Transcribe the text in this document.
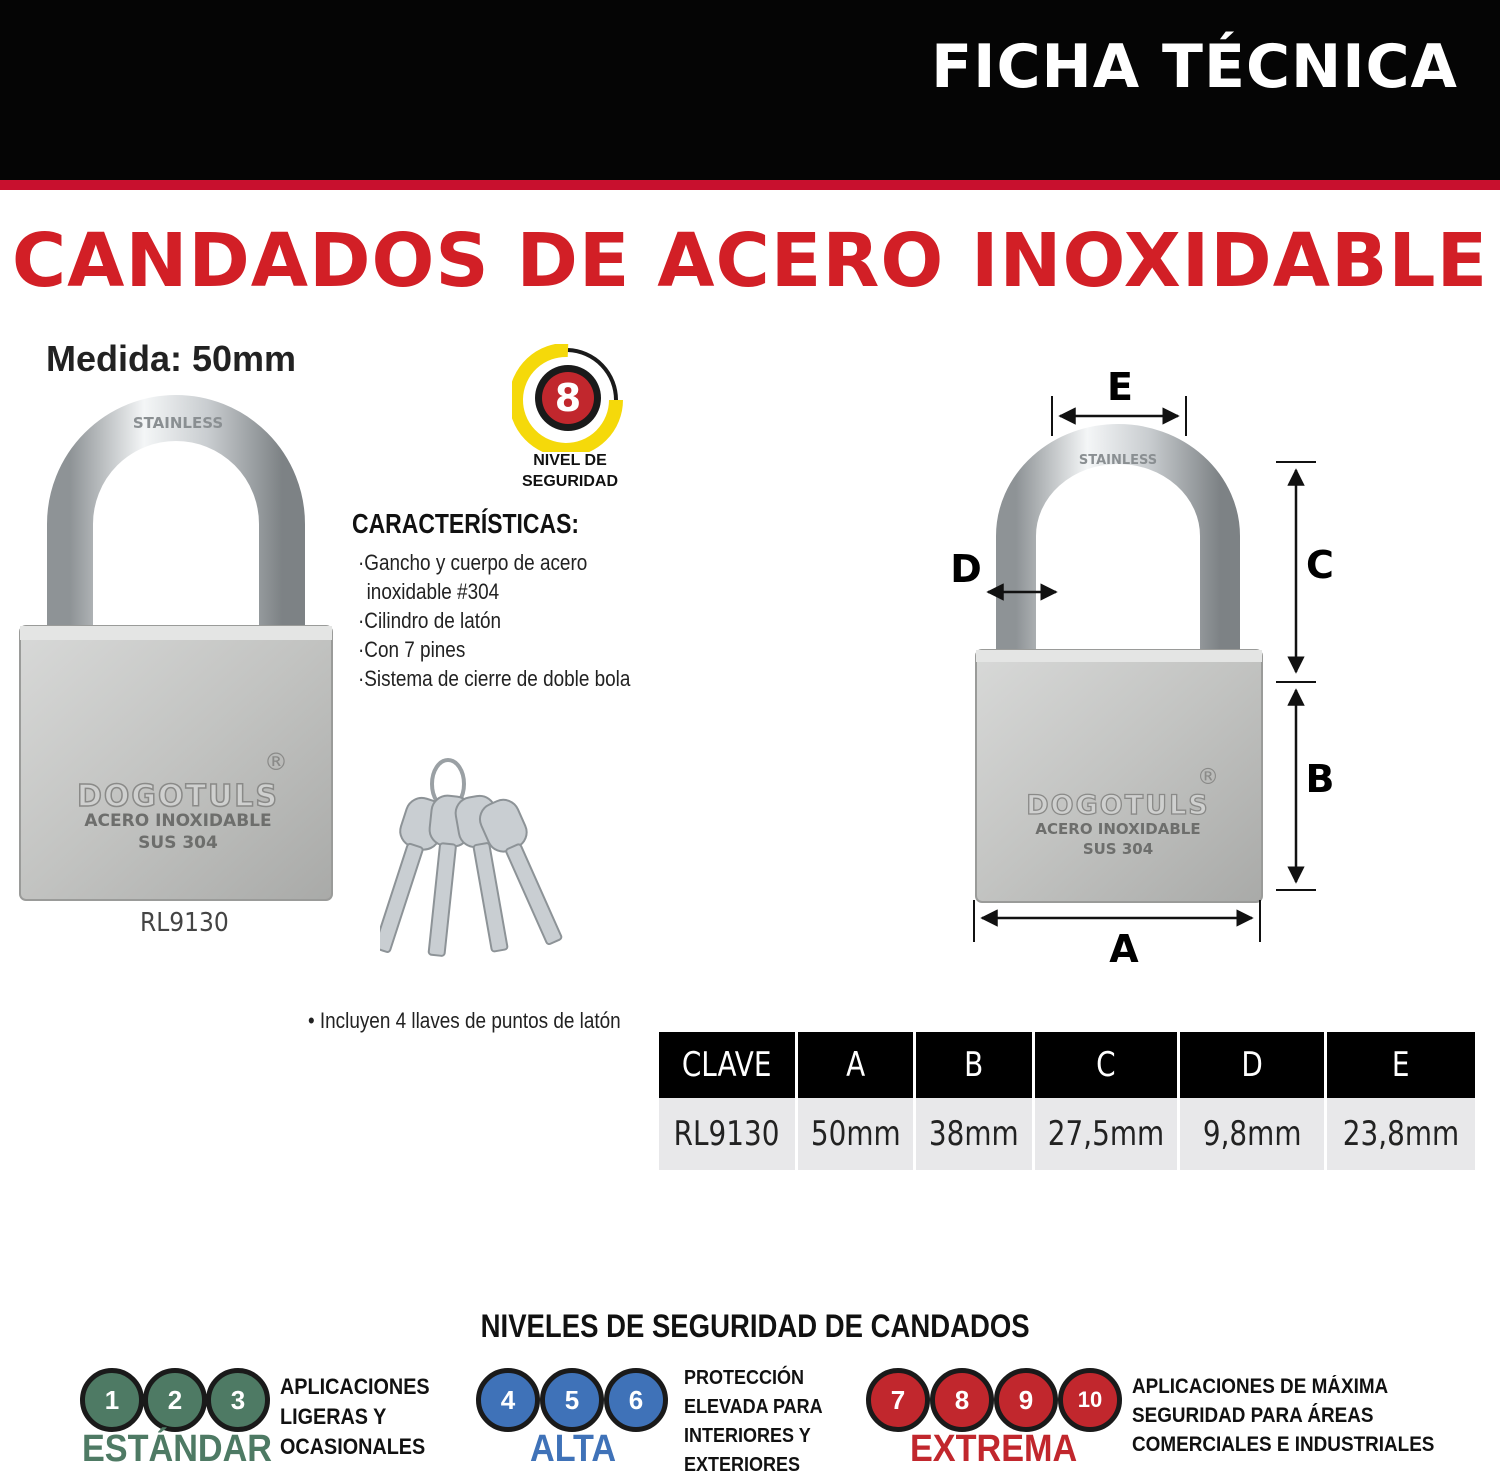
FICHA TÉCNICA
CANDADOS DE ACERO INOXIDABLE
Medida: 50mm
STAINLESS
®
DOGOTULS
ACERO INOXIDABLE
SUS 304
RL9130
8
NIVEL DE
SEGURIDAD
CARACTERÍSTICAS:
·Gancho y cuerpo de acero inoxidable #304
·Cilindro de latón
·Con 7 pines
·Sistema de cierre de doble bola
• Incluyen 4 llaves de puntos de latón
STAINLESS
®
DOGOTULS
ACERO INOXIDABLE
SUS 304
E
C
B
A
D
CLAVE	A	B	C	D	E
RL9130	50mm	38mm	27,5mm	9,8mm	23,8mm
NIVELES DE SEGURIDAD DE CANDADOS
1	2	3
ESTÁNDAR
APLICACIONES
LIGERAS Y
OCASIONALES
4	5	6
ALTA
PROTECCIÓN
ELEVADA PARA
INTERIORES Y
EXTERIORES
7	8	9	10
EXTREMA
APLICACIONES DE MÁXIMA
SEGURIDAD PARA ÁREAS
COMERCIALES E INDUSTRIALES
